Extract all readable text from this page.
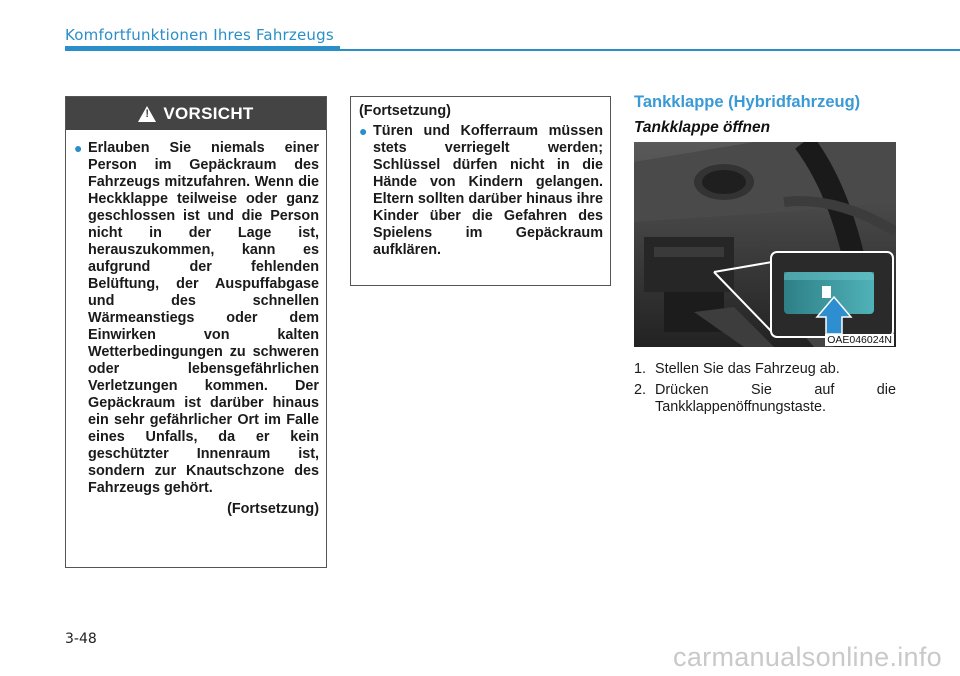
Komfortfunktionen Ihres Fahrzeugs
!
VORSICHT
● Erlauben Sie niemals einer Person im Gepäckraum des Fahrzeugs mitzufahren. Wenn die Heckklappe teilweise oder ganz geschlossen ist und die Person nicht in der Lage ist, herauszukommen, kann es aufgrund der fehlenden Belüftung, der Auspuffabgase und des schnellen Wärmeanstiegs oder dem Einwirken von kalten Wetterbedingungen zu schweren oder lebensgefährlichen Verletzungen kommen. Der Gepäckraum ist darüber hinaus ein sehr gefährlicher Ort im Falle eines Unfalls, da er kein geschützter Innenraum ist, sondern zur Knautschzone des Fahrzeugs gehört.
(Fortsetzung)
(Fortsetzung)
● Türen und Kofferraum müssen stets verriegelt werden; Schlüssel dürfen nicht in die Hände von Kindern gelangen. Eltern sollten darüber hinaus ihre Kinder über die Gefahren des Spielens im Gepäckraum aufklären.
Tankklappe (Hybridfahrzeug)
Tankklappe öffnen
OAE046024N
1. Stellen Sie das Fahrzeug ab.
2. Drücken Sie auf die Tankklappenöffnungstaste.
3-48
carmanualsonline.info
